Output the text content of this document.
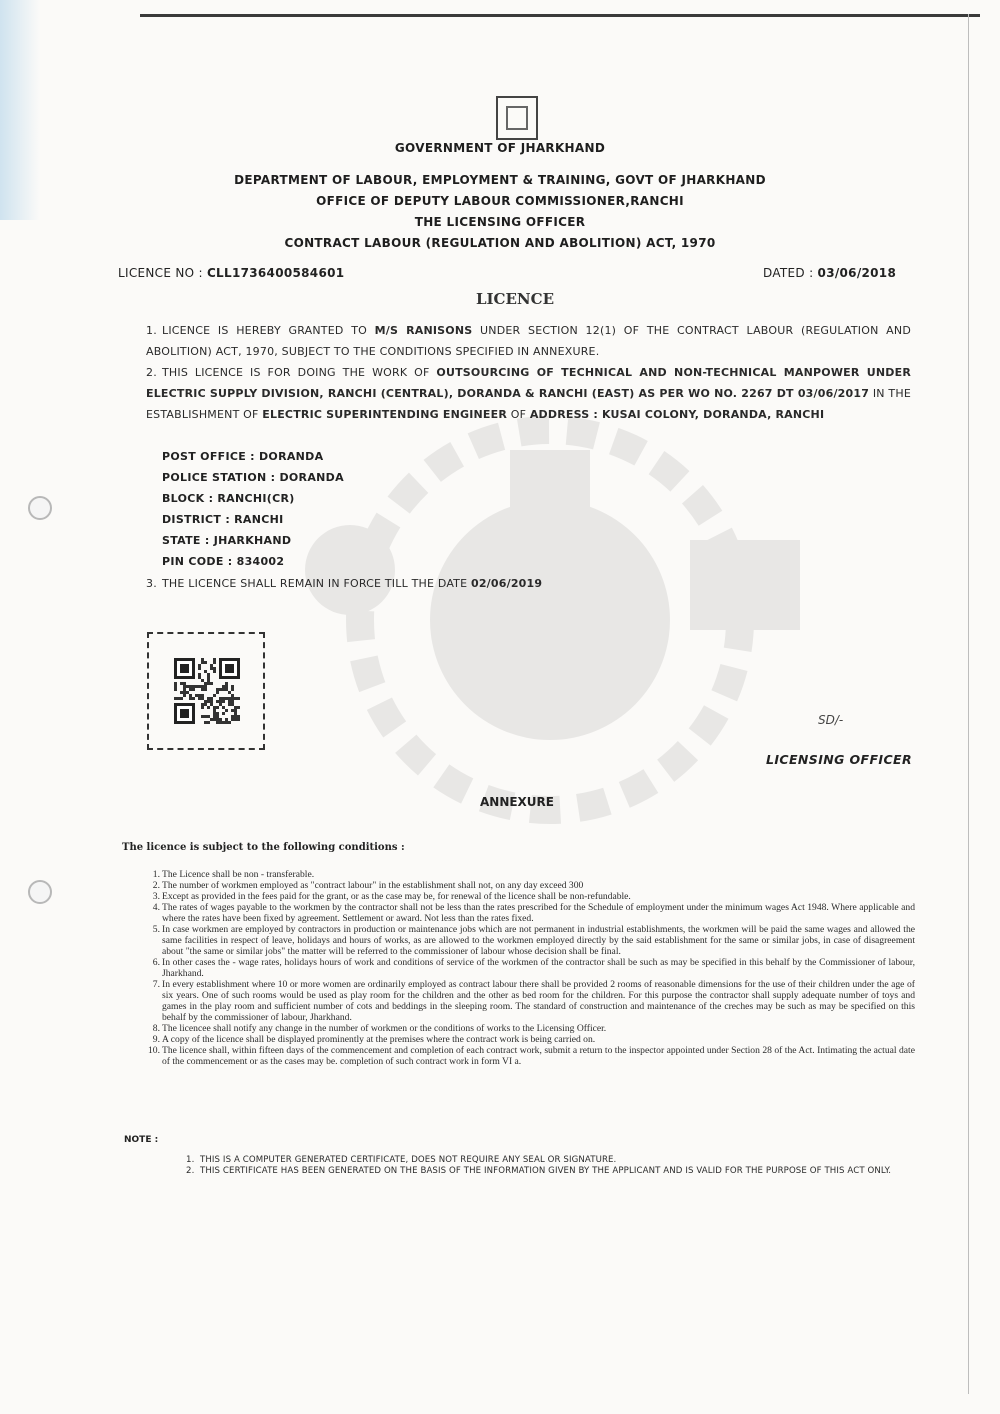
GOVERNMENT OF JHARKHAND
DEPARTMENT OF LABOUR, EMPLOYMENT & TRAINING, GOVT OF JHARKHAND
OFFICE OF DEPUTY LABOUR COMMISSIONER,RANCHI
THE LICENSING OFFICER
CONTRACT LABOUR (REGULATION AND ABOLITION) ACT, 1970
LICENCE NO : CLL1736400584601	DATED : 03/06/2018
LICENCE
1. LICENCE IS HEREBY GRANTED TO M/S RANISONS UNDER SECTION 12(1) OF THE CONTRACT LABOUR (REGULATION AND ABOLITION) ACT, 1970, SUBJECT TO THE CONDITIONS SPECIFIED IN ANNEXURE.
2. THIS LICENCE IS FOR DOING THE WORK OF OUTSOURCING OF TECHNICAL AND NON-TECHNICAL MANPOWER UNDER ELECTRIC SUPPLY DIVISION, RANCHI (CENTRAL), DORANDA & RANCHI (EAST) AS PER WO NO. 2267 DT 03/06/2017 IN THE ESTABLISHMENT OF ELECTRIC SUPERINTENDING ENGINEER OF ADDRESS : KUSAI COLONY, DORANDA, RANCHI
POST OFFICE : DORANDA
POLICE STATION : DORANDA
BLOCK : RANCHI(CR)
DISTRICT : RANCHI
STATE : JHARKHAND
PIN CODE : 834002
3. THE LICENCE SHALL REMAIN IN FORCE TILL THE DATE 02/06/2019
SD/-
LICENSING OFFICER
ANNEXURE
The licence is subject to the following conditions :
1. The Licence shall be non - transferable.
2. The number of workmen employed as "contract labour" in the establishment shall not, on any day exceed 300
3. Except as provided in the fees paid for the grant, or as the case may be, for renewal of the licence shall be non-refundable.
4. The rates of wages payable to the workmen by the contractor shall not be less than the rates prescribed for the Schedule of employment under the minimum wages Act 1948. Where applicable and where the rates have been fixed by agreement. Settlement or award. Not less than the rates fixed.
5. In case workmen are employed by contractors in production or maintenance jobs which are not permanent in industrial establishments, the workmen will be paid the same wages and allowed the same facilities in respect of leave, holidays and hours of works, as are allowed to the workmen employed directly by the said establishment for the same or similar jobs, in case of disagreement about "the same or similar jobs" the matter will be referred to the commissioner of labour whose decision shall be final.
6. In other cases the - wage rates, holidays hours of work and conditions of service of the workmen of the contractor shall be such as may be specified in this behalf by the Commissioner of labour, Jharkhand.
7. In every establishment where 10 or more women are ordinarily employed as contract labour there shall be provided 2 rooms of reasonable dimensions for the use of their children under the age of six years. One of such rooms would be used as play room for the children and the other as bed room for the children. For this purpose the contractor shall supply adequate number of toys and games in the play room and sufficient number of cots and beddings in the sleeping room. The standard of construction and maintenance of the creches may be such as may be specified on this behalf by the commissioner of labour, Jharkhand.
8. The licencee shall notify any change in the number of workmen or the conditions of works to the Licensing Officer.
9. A copy of the licence shall be displayed prominently at the premises where the contract work is being carried on.
10. The licence shall, within fifteen days of the commencement and completion of each contract work, submit a return to the inspector appointed under Section 28 of the Act. Intimating the actual date of the commencement or as the cases may be. completion of such contract work in form VI a.
NOTE :
1. THIS IS A COMPUTER GENERATED CERTIFICATE, DOES NOT REQUIRE ANY SEAL OR SIGNATURE.
2. THIS CERTIFICATE HAS BEEN GENERATED ON THE BASIS OF THE INFORMATION GIVEN BY THE APPLICANT AND IS VALID FOR THE PURPOSE OF THIS ACT ONLY.
